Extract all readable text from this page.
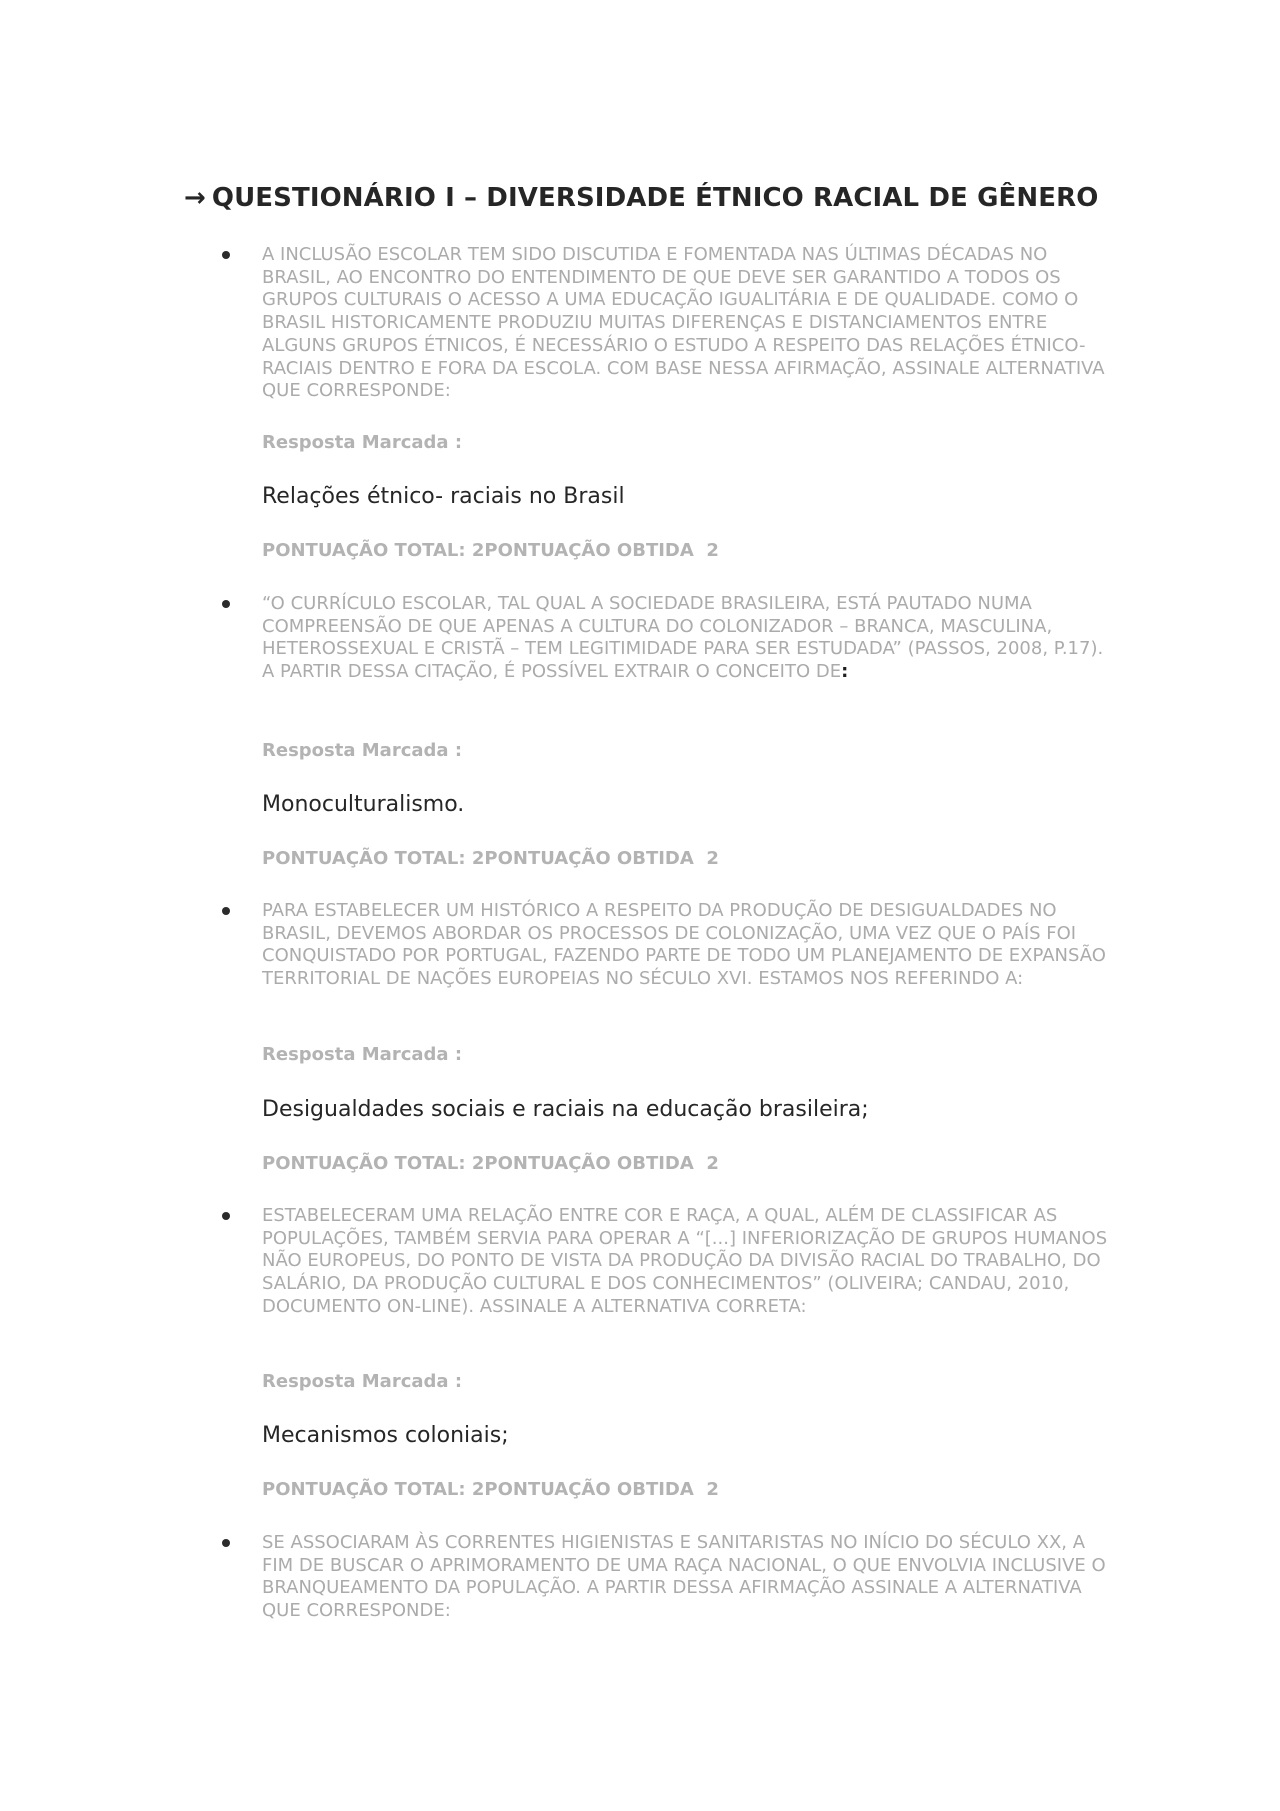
→ QUESTIONÁRIO I – DIVERSIDADE ÉTNICO RACIAL DE GÊNERO

A INCLUSÃO ESCOLAR TEM SIDO DISCUTIDA E FOMENTADA NAS ÚLTIMAS DÉCADAS NO BRASIL, AO ENCONTRO DO ENTENDIMENTO DE QUE DEVE SER GARANTIDO A TODOS OS GRUPOS CULTURAIS O ACESSO A UMA EDUCAÇÃO IGUALITÁRIA E DE QUALIDADE. COMO O BRASIL HISTORICAMENTE PRODUZIU MUITAS DIFERENÇAS E DISTANCIAMENTOS ENTRE ALGUNS GRUPOS ÉTNICOS, É NECESSÁRIO O ESTUDO A RESPEITO DAS RELAÇÕES ÉTNICO-RACIAIS DENTRO E FORA DA ESCOLA. COM BASE NESSA AFIRMAÇÃO, ASSINALE ALTERNATIVA QUE CORRESPONDE:

Resposta Marcada :

Relações étnico- raciais no Brasil

PONTUAÇÃO TOTAL: 2PONTUAÇÃO OBTIDA  2

“O CURRÍCULO ESCOLAR, TAL QUAL A SOCIEDADE BRASILEIRA, ESTÁ PAUTADO NUMA COMPREENSÃO DE QUE APENAS A CULTURA DO COLONIZADOR – BRANCA, MASCULINA, HETEROSSEXUAL E CRISTÃ – TEM LEGITIMIDADE PARA SER ESTUDADA” (PASSOS, 2008, P.17). A PARTIR DESSA CITAÇÃO, É POSSÍVEL EXTRAIR O CONCEITO DE:

Resposta Marcada :

Monoculturalismo.

PONTUAÇÃO TOTAL: 2PONTUAÇÃO OBTIDA  2

PARA ESTABELECER UM HISTÓRICO A RESPEITO DA PRODUÇÃO DE DESIGUALDADES NO BRASIL, DEVEMOS ABORDAR OS PROCESSOS DE COLONIZAÇÃO, UMA VEZ QUE O PAÍS FOI CONQUISTADO POR PORTUGAL, FAZENDO PARTE DE TODO UM PLANEJAMENTO DE EXPANSÃO TERRITORIAL DE NAÇÕES EUROPEIAS NO SÉCULO XVI. ESTAMOS NOS REFERINDO A:

Resposta Marcada :

Desigualdades sociais e raciais na educação brasileira;

PONTUAÇÃO TOTAL: 2PONTUAÇÃO OBTIDA  2

ESTABELECERAM UMA RELAÇÃO ENTRE COR E RAÇA, A QUAL, ALÉM DE CLASSIFICAR AS POPULAÇÕES, TAMBÉM SERVIA PARA OPERAR A “[...] INFERIORIZAÇÃO DE GRUPOS HUMANOS NÃO EUROPEUS, DO PONTO DE VISTA DA PRODUÇÃO DA DIVISÃO RACIAL DO TRABALHO, DO SALÁRIO, DA PRODUÇÃO CULTURAL E DOS CONHECIMENTOS” (OLIVEIRA; CANDAU, 2010, DOCUMENTO ON-LINE). ASSINALE A ALTERNATIVA CORRETA:

Resposta Marcada :

Mecanismos coloniais;

PONTUAÇÃO TOTAL: 2PONTUAÇÃO OBTIDA  2

SE ASSOCIARAM ÀS CORRENTES HIGIENISTAS E SANITARISTAS NO INÍCIO DO SÉCULO XX, A FIM DE BUSCAR O APRIMORAMENTO DE UMA RAÇA NACIONAL, O QUE ENVOLVIA INCLUSIVE O BRANQUEAMENTO DA POPULAÇÃO. A PARTIR DESSA AFIRMAÇÃO ASSINALE A ALTERNATIVA QUE CORRESPONDE:
